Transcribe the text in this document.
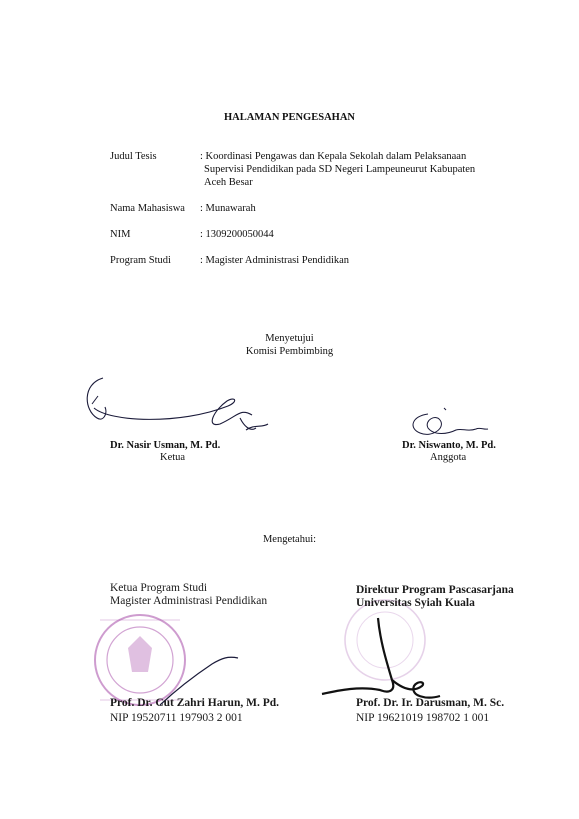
HALAMAN PENGESAHAN
Judul Tesis	: Koordinasi Pengawas dan Kepala Sekolah dalam Pelaksanaan
Supervisi Pendidikan pada SD Negeri Lampeuneurut Kabupaten
Aceh Besar
Nama Mahasiswa : Munawarah
NIM	: 1309200050044
Program Studi	: Magister Administrasi Pendidikan
Menyetujui
Komisi Pembimbing
Dr. Nasir Usman, M. Pd.
Ketua
Dr. Niswanto, M. Pd.
Anggota
Mengetahui:
Ketua Program Studi
Magister Administrasi Pendidikan
Prof. Dr. Cut Zahri Harun, M. Pd.
NIP 19520711 197903 2 001
Direktur Program Pascasarjana
Universitas Syiah Kuala
Prof. Dr. Ir. Darusman, M. Sc.
NIP 19621019 198702 1 001
